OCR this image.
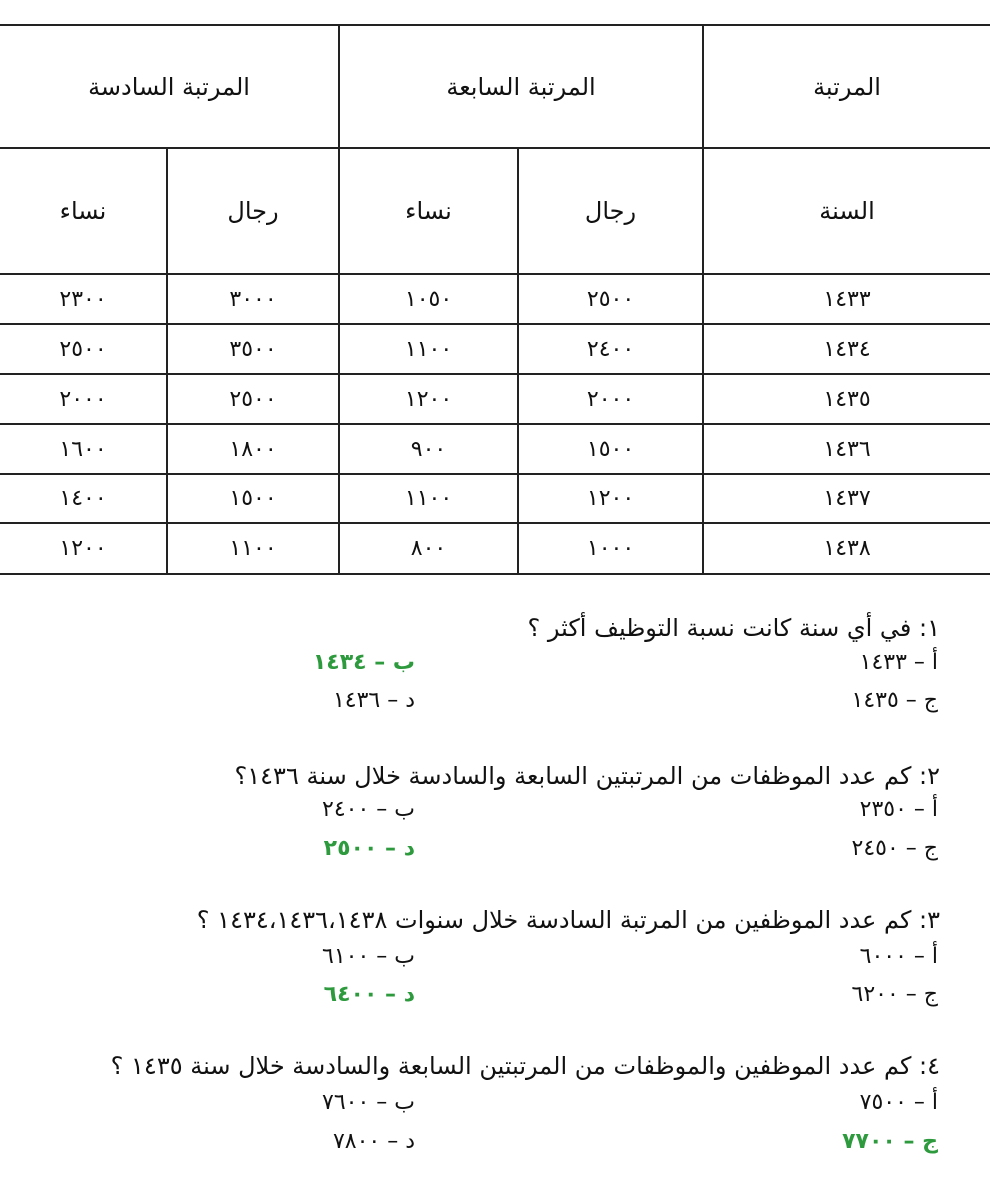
المرتبة
المرتبة السابعة
المرتبة السادسة
السنة
رجال
نساء
رجال
نساء
١٤٣٣
٢٥٠٠
١٠٥٠
٣٠٠٠
٢٣٠٠
١٤٣٤
٢٤٠٠
١١٠٠
٣٥٠٠
٢٥٠٠
١٤٣٥
٢٠٠٠
١٢٠٠
٢٥٠٠
٢٠٠٠
١٤٣٦
١٥٠٠
٩٠٠
١٨٠٠
١٦٠٠
١٤٣٧
١٢٠٠
١١٠٠
١٥٠٠
١٤٠٠
١٤٣٨
١٠٠٠
٨٠٠
١١٠٠
١٢٠٠
١: في أي سنة كانت نسبة التوظيف أكثر ؟
أ – ١٤٣٣
ب – ١٤٣٤
ج – ١٤٣٥
د – ١٤٣٦
٢: كم عدد الموظفات من المرتبتين السابعة والسادسة خلال سنة ١٤٣٦؟
أ – ٢٣٥٠
ب – ٢٤٠٠
ج – ٢٤٥٠
د – ٢٥٠٠
٣: كم عدد الموظفين من المرتبة السادسة خلال سنوات ١٤٣٤،١٤٣٦،١٤٣٨ ؟
أ – ٦٠٠٠
ب – ٦١٠٠
ج – ٦٢٠٠
د – ٦٤٠٠
٤: كم عدد الموظفين والموظفات من المرتبتين السابعة والسادسة خلال سنة ١٤٣٥ ؟
أ – ٧٥٠٠
ب – ٧٦٠٠
ج – ٧٧٠٠
د – ٧٨٠٠
